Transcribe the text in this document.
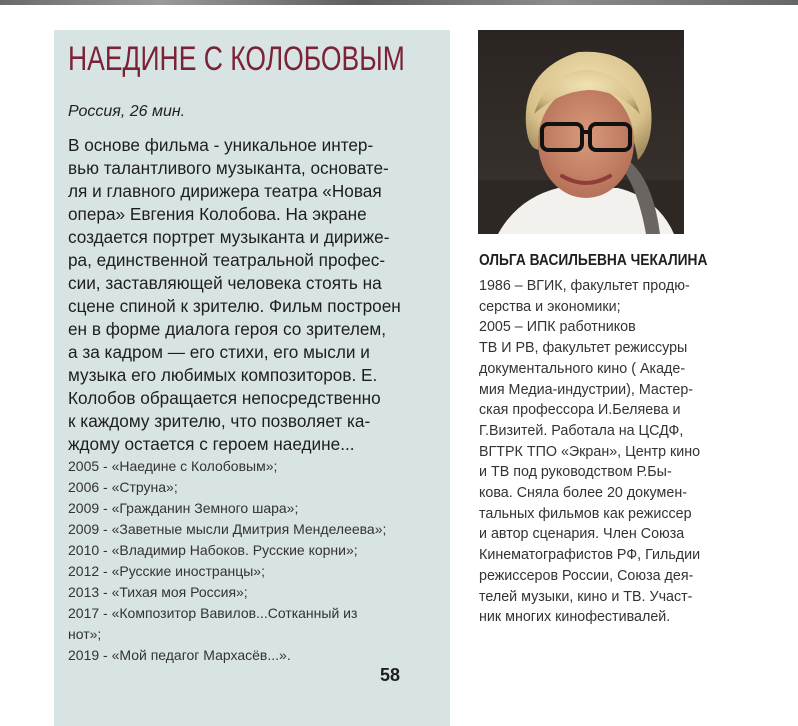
НАЕДИНЕ С КОЛОБОВЫМ
Россия, 26 мин.
В основе фильма - уникальное интер-
вью талантливого музыканта, основате-
ля и главного дирижера театра «Новая
опера» Евгения Колобова. На экране
создается портрет музыканта и дириже-
ра, единственной театральной профес-
сии, заставляющей человека стоять на
сцене спиной к зрителю. Фильм построен
ен в форме диалога героя со зрителем,
а за кадром — его стихи, его мысли и
музыка его любимых композиторов. Е.
Колобов обращается непосредственно
к каждому зрителю, что позволяет ка-
ждому остается с героем наедине...
2005 - «Наедине с Колобовым»;
2006 - «Струна»;
2009 - «Гражданин Земного шара»;
2009 - «Заветные мысли Дмитрия Менделеева»;
2010 - «Владимир Набоков. Русские корни»;
2012 - «Русские иностранцы»;
2013 - «Тихая моя Россия»;
2017 - «Композитор Вавилов...Сотканный из
нот»;
2019 - «Мой педагог Мархасёв...».
58
ОЛЬГА ВАСИЛЬЕВНА ЧЕКАЛИНА
1986 – ВГИК, факультет продю-
серства и экономики;
2005 – ИПК работников
ТВ И РВ, факультет режиссуры
документального кино ( Акаде-
мия Медиа-индустрии), Мастер-
ская профессора И.Беляева и
Г.Визитей. Работала на ЦСДФ,
ВГТРК ТПО «Экран», Центр кино
и ТВ под руководством Р.Бы-
кова. Сняла более 20 докумен-
тальных фильмов как режиссер
и автор сценария. Член Союза
Кинематографистов РФ, Гильдии
режиссеров России, Союза дея-
телей музыки, кино и ТВ. Участ-
ник многих кинофестивалей.
